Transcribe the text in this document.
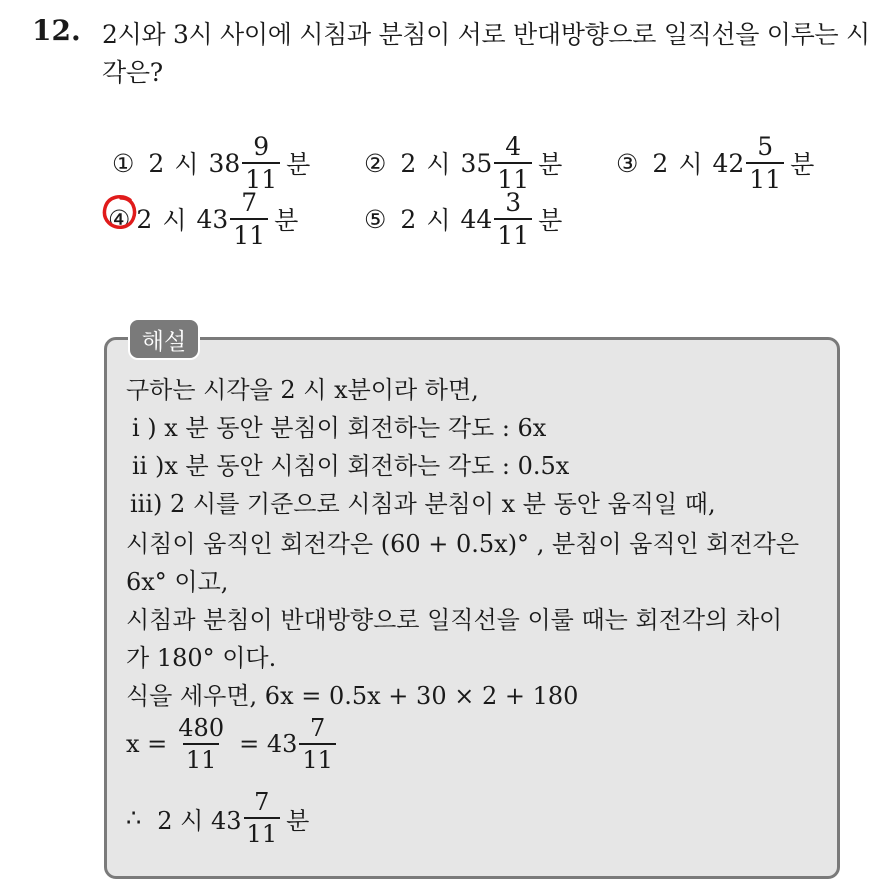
12. 2시와 3시 사이에 시침과 분침이 서로 반대방향으로 일직선을 이루는 시각은?
① 2 시 $38 \frac{9}{11}$ 분 ② 2 시 $35 \frac{4}{11}$ 분 ③ 2 시 $42 \frac{5}{11}$ 분
④ 2 시 $43 \frac{7}{11}$ 분	⑤ 2 시 $44 \frac{3}{11}$ 분
해설
구하는 시각을 2 시 x분이라 하면,
i ) x 분 동안 분침이 회전하는 각도 : 6x
ii )x 분 동안 시침이 회전하는 각도 : 0.5x
iii) 2 시를 기준으로 시침과 분침이 x 분 동안 움직일 때,
시침이 움직인 회전각은 (60 + 0.5x)° , 분침이 움직인 회전각은
6x° 이고,
시침과 분침이 반대방향으로 일직선을 이룰 때는 회전각의 차이
가 180° 이다.
식을 세우면, 6x = 0.5x + 30 × 2 + 180
$x = \frac{480}{11} = 43 \frac{7}{11}$
∴ 2 시 $43 \frac{7}{11}$ 분
